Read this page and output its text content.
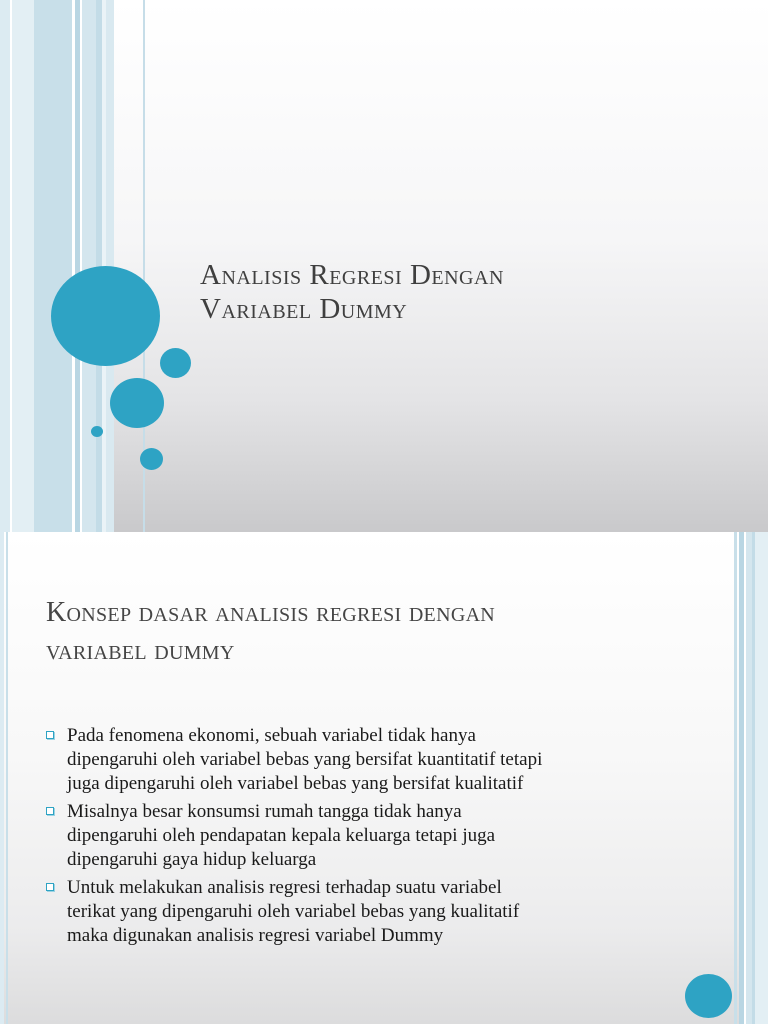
Analisis Regresi Dengan
Variabel Dummy
Konsep dasar analisis regresi dengan
variabel dummy
Pada fenomena ekonomi, sebuah variabel tidak hanya
dipengaruhi oleh variabel bebas yang bersifat kuantitatif tetapi
juga dipengaruhi oleh variabel bebas yang bersifat kualitatif
Misalnya besar konsumsi rumah tangga tidak hanya
dipengaruhi oleh pendapatan kepala keluarga tetapi juga
dipengaruhi gaya hidup keluarga
Untuk melakukan analisis regresi terhadap suatu variabel
terikat yang dipengaruhi oleh variabel bebas yang kualitatif
maka digunakan analisis regresi variabel Dummy
